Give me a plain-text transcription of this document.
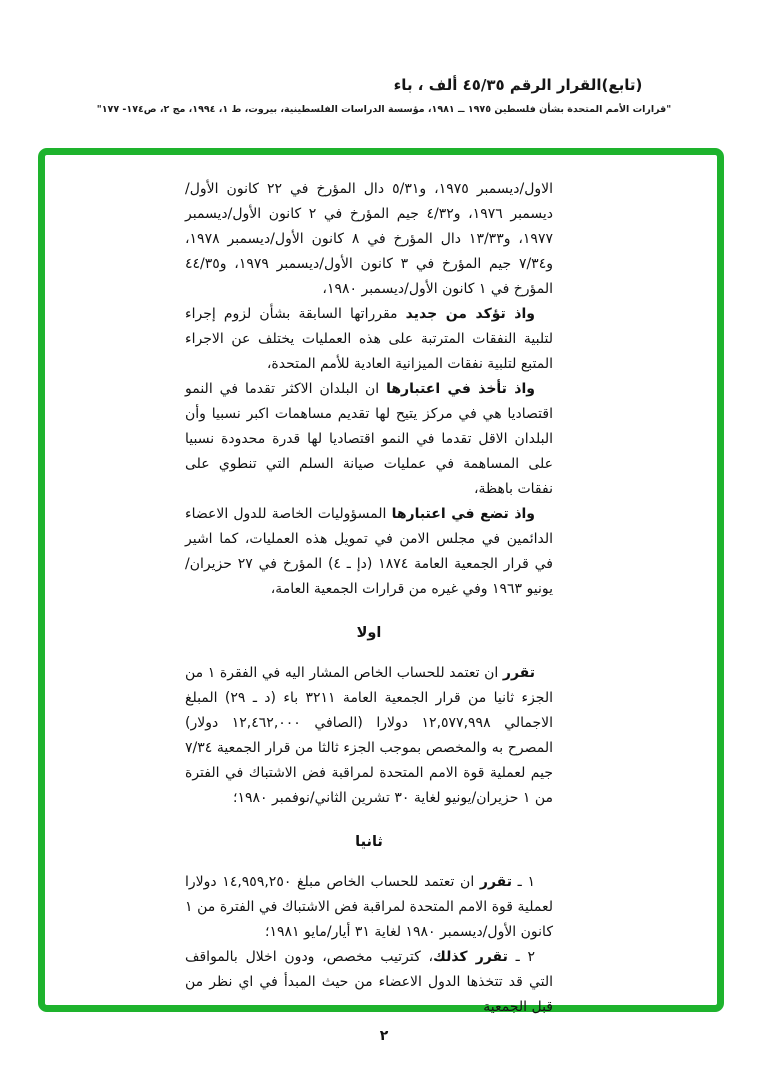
(تابع)القرار الرقم ٤٥/٣٥ ألف ، باء
"قرارات الأمم المتحدة بشأن فلسطين ١٩٧٥ ــ ١٩٨١، مؤسسة الدراسات الفلسطينية، بيروت، ط ١، ١٩٩٤، مج ٢، ص١٧٤- ١٧٧"

الاول/ديسمبر ١٩٧٥، و٥/٣١ دال المؤرخ في ٢٢ كانون الأول/ديسمبر ١٩٧٦، و٤/٣٢ جيم المؤرخ في ٢ كانون الأول/ديسمبر ١٩٧٧، و١٣/٣٣ دال المؤرخ في ٨ كانون الأول/ديسمبر ١٩٧٨، و٧/٣٤ جيم المؤرخ في ٣ كانون الأول/ديسمبر ١٩٧٩، و٤٤/٣٥ المؤرخ في ١ كانون الأول/ديسمبر ١٩٨٠،

واذ تؤكد من جديد مقرراتها السابقة بشأن لزوم إجراء لتلبية النفقات المترتبة على هذه العمليات يختلف عن الاجراء المتبع لتلبية نفقات الميزانية العادية للأمم المتحدة،

واذ تأخذ في اعتبارها ان البلدان الاكثر تقدما في النمو اقتصاديا هي في مركز يتيح لها تقديم مساهمات اكبر نسبيا وأن البلدان الاقل تقدما في النمو اقتصاديا لها قدرة محدودة نسبيا على المساهمة في عمليات صيانة السلم التي تنطوي على نفقات باهظة،

واذ تضع في اعتبارها المسؤوليات الخاصة للدول الاعضاء الدائمين في مجلس الامن في تمويل هذه العمليات، كما اشير في قرار الجمعية العامة ١٨٧٤ (دإ ـ ٤) المؤرخ في ٢٧ حزيران/يونيو ١٩٦٣ وفي غيره من قرارات الجمعية العامة،

اولا

تقرر ان تعتمد للحساب الخاص المشار اليه في الفقرة ١ من الجزء ثانيا من قرار الجمعية العامة ٣٢١١ باء (د ـ ٢٩) المبلغ الاجمالي ١٢,٥٧٧,٩٩٨ دولارا (الصافي ١٢,٤٦٢,٠٠٠ دولار) المصرح به والمخصص بموجب الجزء ثالثا من قرار الجمعية ٧/٣٤ جيم لعملية قوة الامم المتحدة لمراقبة فض الاشتباك في الفترة من ١ حزيران/يونيو لغاية ٣٠ تشرين الثاني/نوفمبر ١٩٨٠؛

ثانيا

١ ـ تقرر ان تعتمد للحساب الخاص مبلغ ١٤,٩٥٩,٢٥٠ دولارا لعملية قوة الامم المتحدة لمراقبة فض الاشتباك في الفترة من ١ كانون الأول/ديسمبر ١٩٨٠ لغاية ٣١ أيار/مايو ١٩٨١؛

٢ ـ تقرر كذلك، كترتيب مخصص، ودون اخلال بالمواقف التي قد تتخذها الدول الاعضاء من حيث المبدأ في اي نظر من قبل الجمعية

٢
